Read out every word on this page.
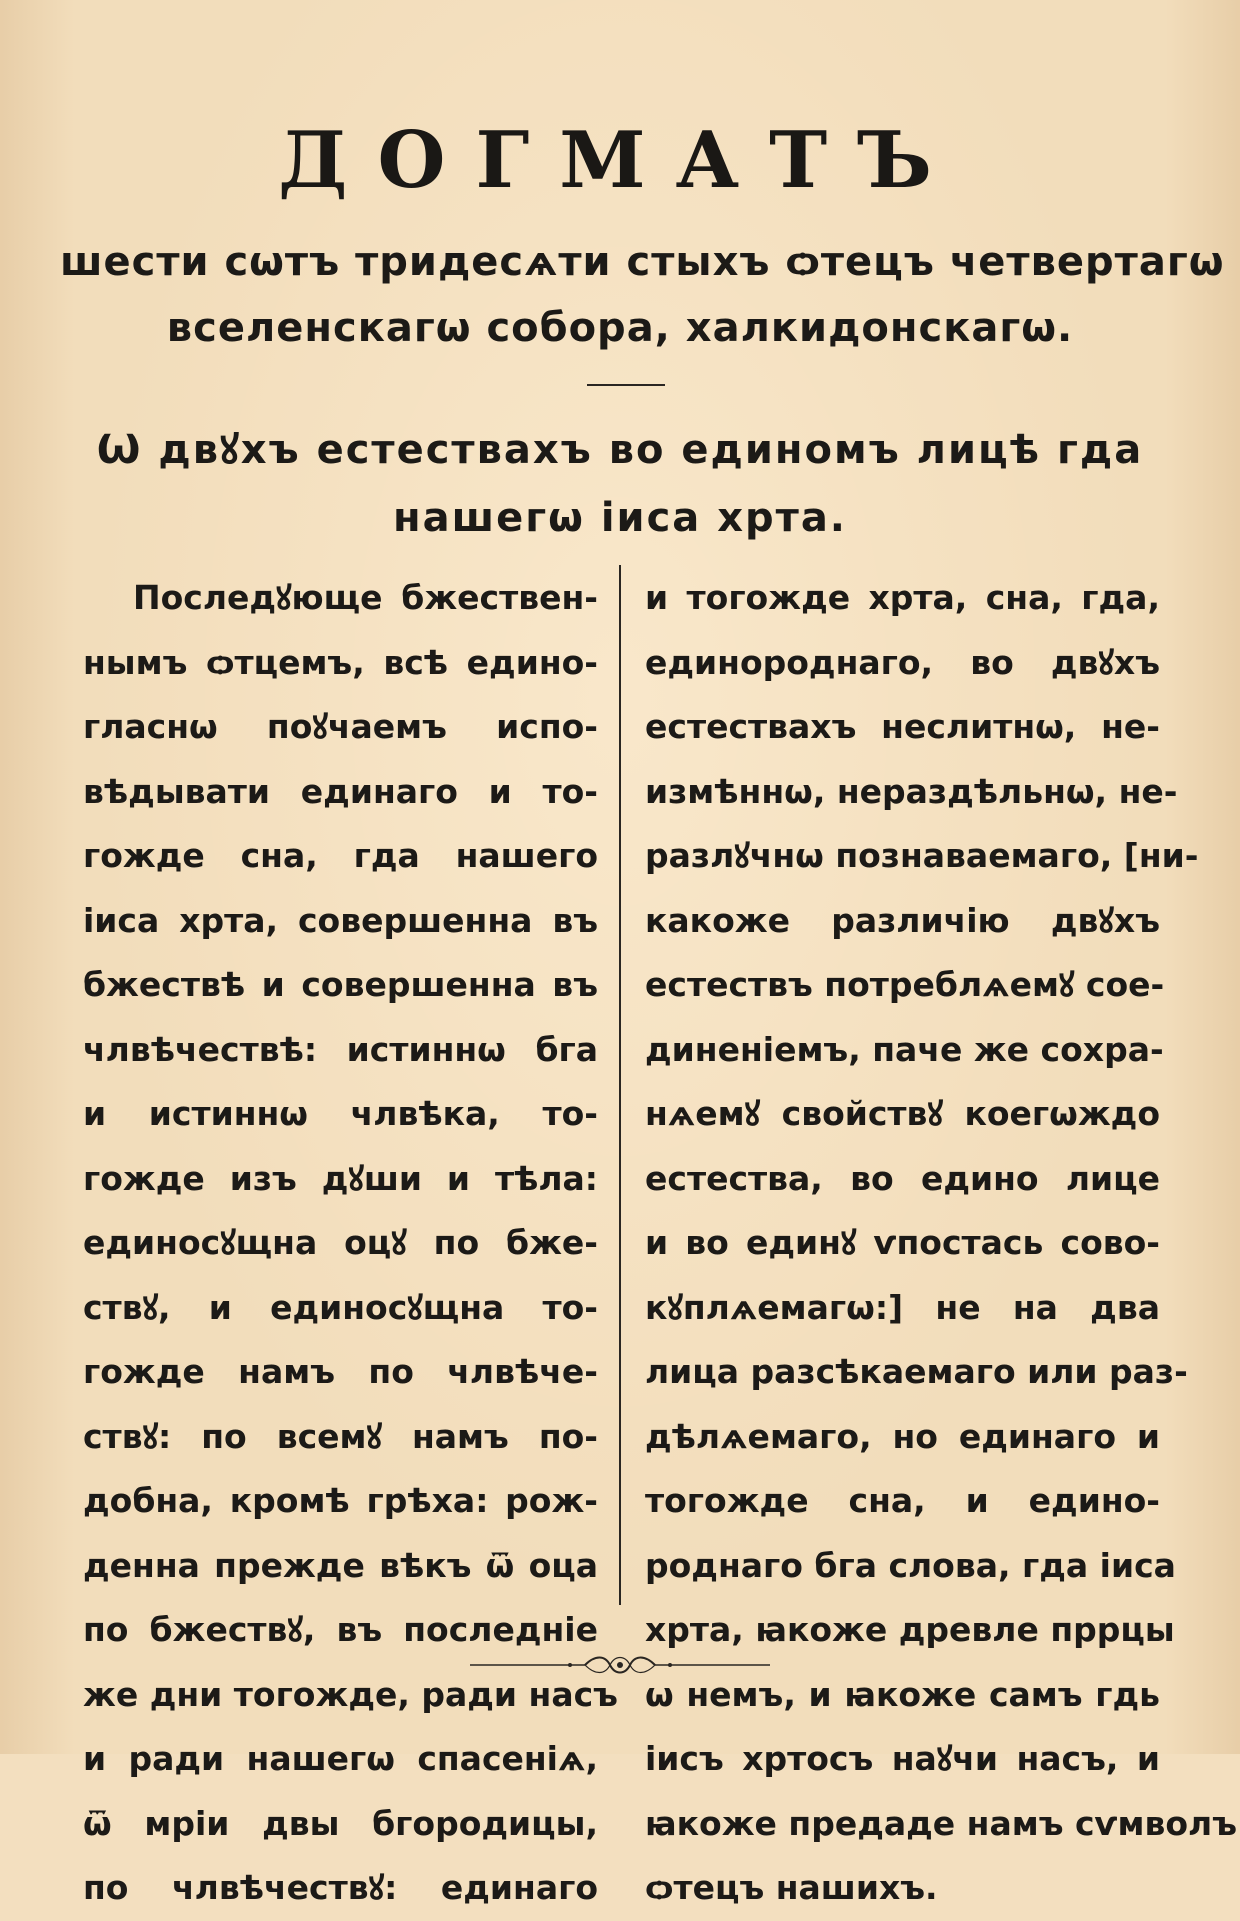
ДОГМАТЪ
шести сѡтъ тридесѧти стыхъ ѻтецъ четвертагѡ
вселенскагѡ собора, халкидонскагѡ.
Ѡ двꙋхъ естествахъ во единомъ лицѣ гда
нашегѡ іиса хрта.
Последꙋюще бжествен-
нымъ ѻтцемъ, всѣ едино-
гласнѡ поꙋчаемъ испо-
вѣдывати единаго и то-
гожде сна, гда нашего
іиса хрта, совершенна въ
бжествѣ и совершенна въ
члвѣчествѣ: истиннѡ бга
и истиннѡ члвѣка, то-
гожде изъ дꙋши и тѣла:
единосꙋщна оцꙋ по бже-
ствꙋ, и единосꙋщна то-
гожде намъ по члвѣче-
ствꙋ: по всемꙋ намъ по-
добна, кромѣ грѣха: рож-
денна прежде вѣкъ ѿ оца
по бжествꙋ, въ последніе
же дни тогожде, ради насъ
и ради нашегѡ спасеніѧ,
ѿ мріи двы бгородицы,
по члвѣчествꙋ: единаго
и тогожде хрта, сна, гда,
единороднаго, во двꙋхъ
естествахъ неслитнѡ, не-
измѣннѡ, нераздѣльнѡ, не-
разлꙋчнѡ познаваемаго, [ни-
какоже различію двꙋхъ
естествъ потреблѧемꙋ сое-
диненіемъ, паче же сохра-
нѧемꙋ свойствꙋ коегѡждо
естества, во едино лице
и во единꙋ ѵпостась сово-
кꙋплѧемагѡ:] не на два
лица разсѣкаемаго или раз-
дѣлѧемаго, но единаго и
тогожде сна, и едино-
роднаго бга слова, гда іиса
хрта, ꙗкоже древле пррцы
ѡ немъ, и ꙗкоже самъ гдь
іисъ хртосъ наꙋчи насъ, и
ꙗкоже предаде намъ сѵмволъ
ѻтецъ нашихъ.
